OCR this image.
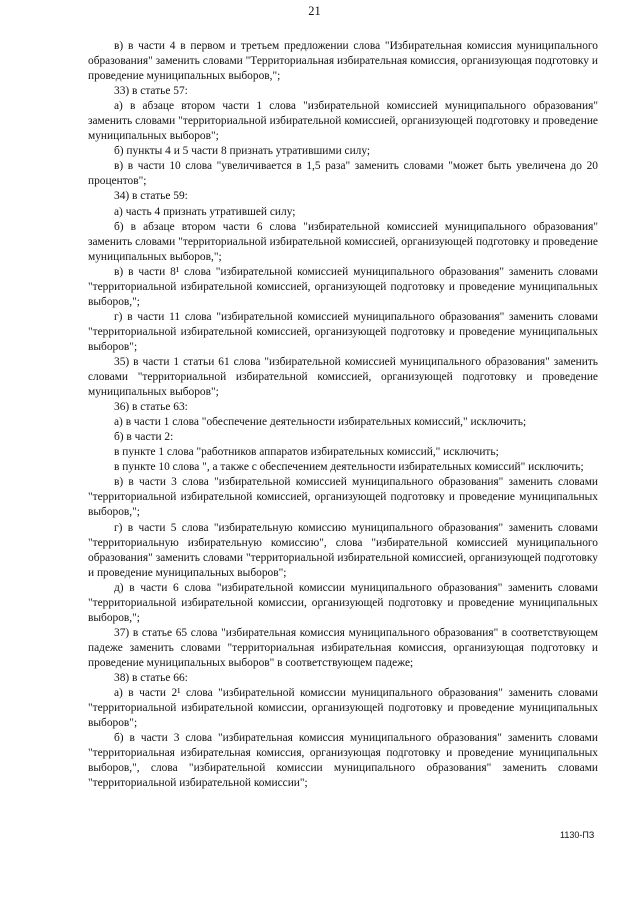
21

в) в части 4 в первом и третьем предложении слова "Избирательная комиссия муниципального образования" заменить словами "Территориальная избирательная комиссия, организующая подготовку и проведение муниципальных выборов,";

33) в статье 57:

а) в абзаце втором части 1 слова "избирательной комиссией муниципального образования" заменить словами "территориальной избирательной комиссией, организующей подготовку и проведение муниципальных выборов";

б) пункты 4 и 5 части 8 признать утратившими силу;

в) в части 10 слова "увеличивается в 1,5 раза" заменить словами "может быть увеличена до 20 процентов";

34) в статье 59:

а) часть 4 признать утратившей силу;

б) в абзаце втором части 6 слова "избирательной комиссией муниципального образования" заменить словами "территориальной избирательной комиссией, организующей подготовку и проведение муниципальных выборов,";

в) в части 8¹ слова "избирательной комиссией муниципального образования" заменить словами "территориальной избирательной комиссией, организующей подготовку и проведение муниципальных выборов,";

г) в части 11 слова "избирательной комиссией муниципального образования" заменить словами "территориальной избирательной комиссией, организующей подготовку и проведение муниципальных выборов";

35) в части 1 статьи 61 слова "избирательной комиссией муниципального образования" заменить словами "территориальной избирательной комиссией, организующей подготовку и проведение муниципальных выборов";

36) в статье 63:

а) в части 1 слова "обеспечение деятельности избирательных комиссий," исключить;

б) в части 2:

в пункте 1 слова "работников аппаратов избирательных комиссий," исключить;

в пункте 10 слова ", а также с обеспечением деятельности избирательных комиссий" исключить;

в) в части 3 слова "избирательной комиссией муниципального образования" заменить словами "территориальной избирательной комиссией, организующей подготовку и проведение муниципальных выборов,";

г) в части 5 слова "избирательную комиссию муниципального образования" заменить словами "территориальную избирательную комиссию", слова "избирательной комиссией муниципального образования" заменить словами "территориальной избирательной комиссией, организующей подготовку и проведение муниципальных выборов";

д) в части 6 слова "избирательной комиссии муниципального образования" заменить словами "территориальной избирательной комиссии, организующей подготовку и проведение муниципальных выборов,";

37) в статье 65 слова "избирательная комиссия муниципального образования" в соответствующем падеже заменить словами "территориальная избирательная комиссия, организующая подготовку и проведение муниципальных выборов" в соответствующем падеже;

38) в статье 66:

а) в части 2¹ слова "избирательной комиссии муниципального образования" заменить словами "территориальной избирательной комиссии, организующей подготовку и проведение муниципальных выборов";

б) в части 3 слова "избирательная комиссия муниципального образования" заменить словами "территориальная избирательная комиссия, организующая подготовку и проведение муниципальных выборов,", слова "избирательной комиссии муниципального образования" заменить словами "территориальной избирательной комиссии";

1130-ПЗ
